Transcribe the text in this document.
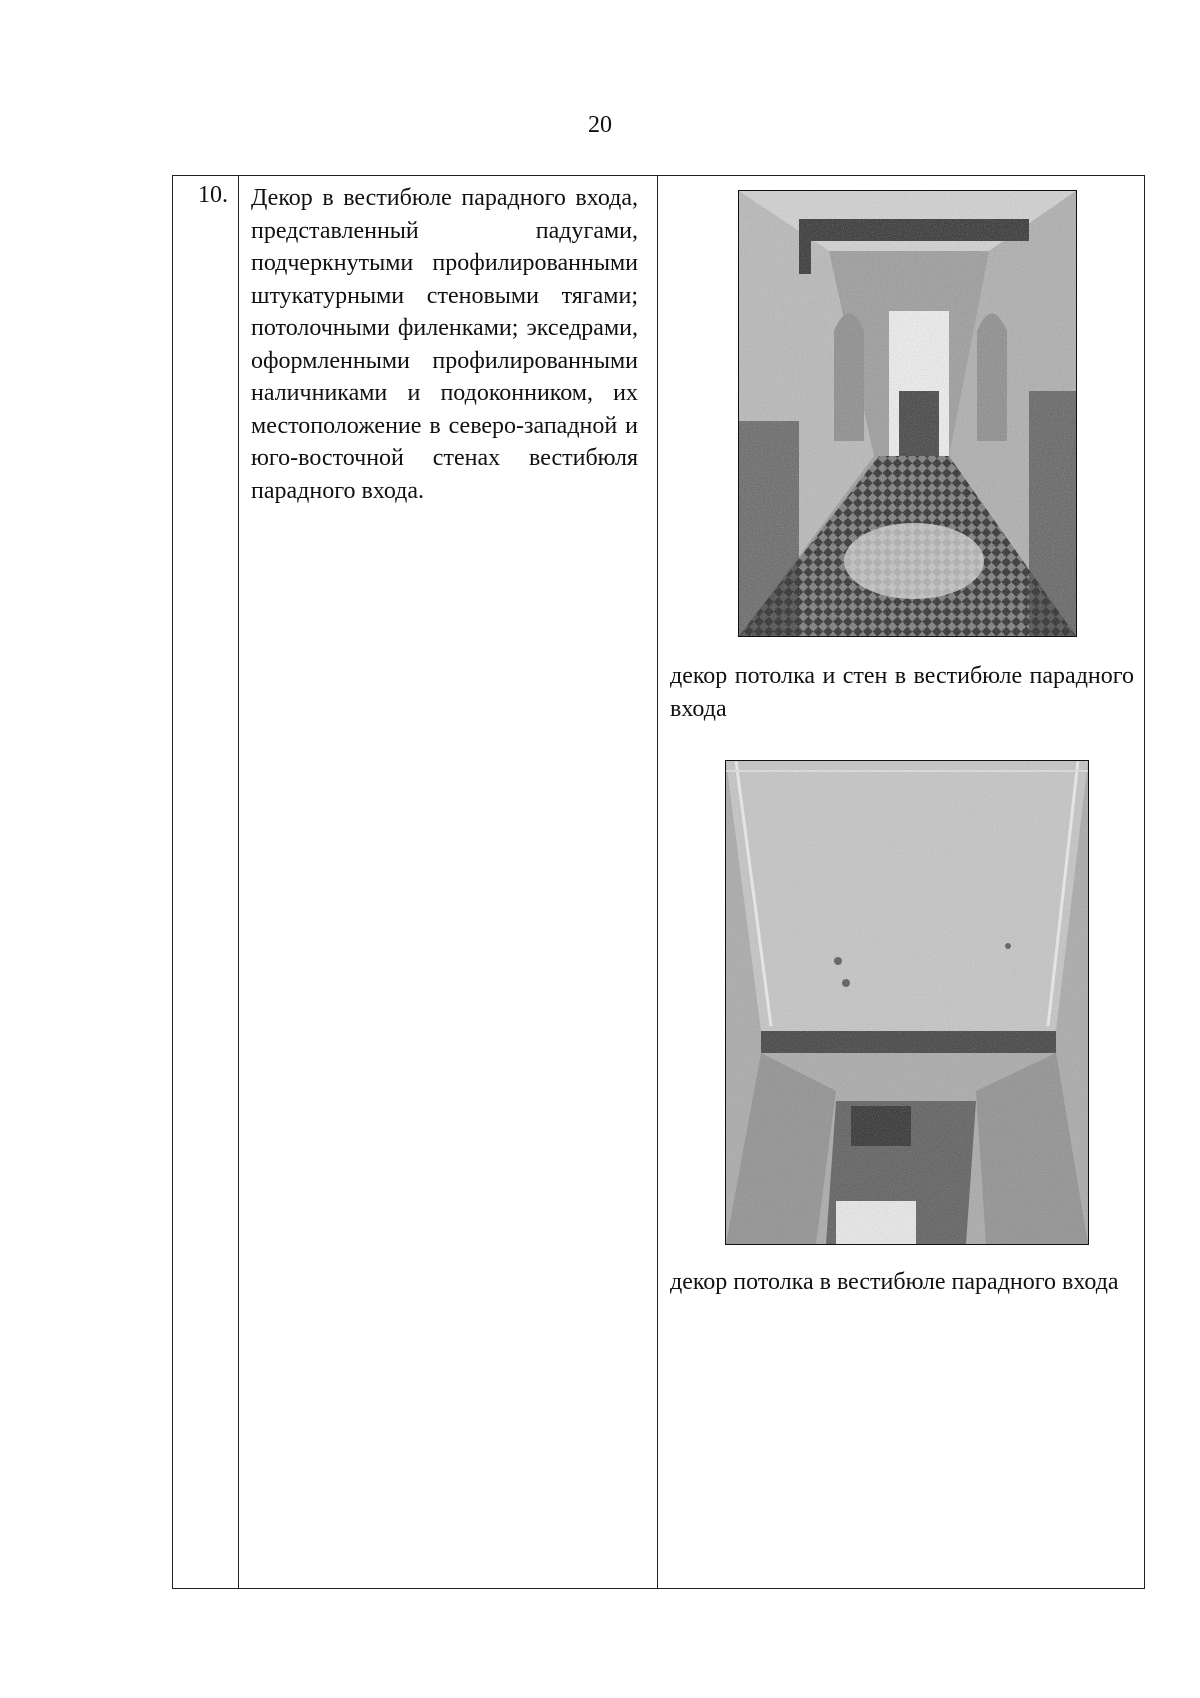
20
10.	Декор в вестибюле парадного входа, представленный падугами, подчеркнутыми профилированными штукатурными стеновыми тягами; потолочными филенками; экседрами, оформленными профилированными наличниками и подоконником, их местоположение в северо-западной и юго-восточной стенах вестибюля парадного входа.

декор потолка и стен в вестибюле парадного входа
декор потолка в вестибюле парадного входа
